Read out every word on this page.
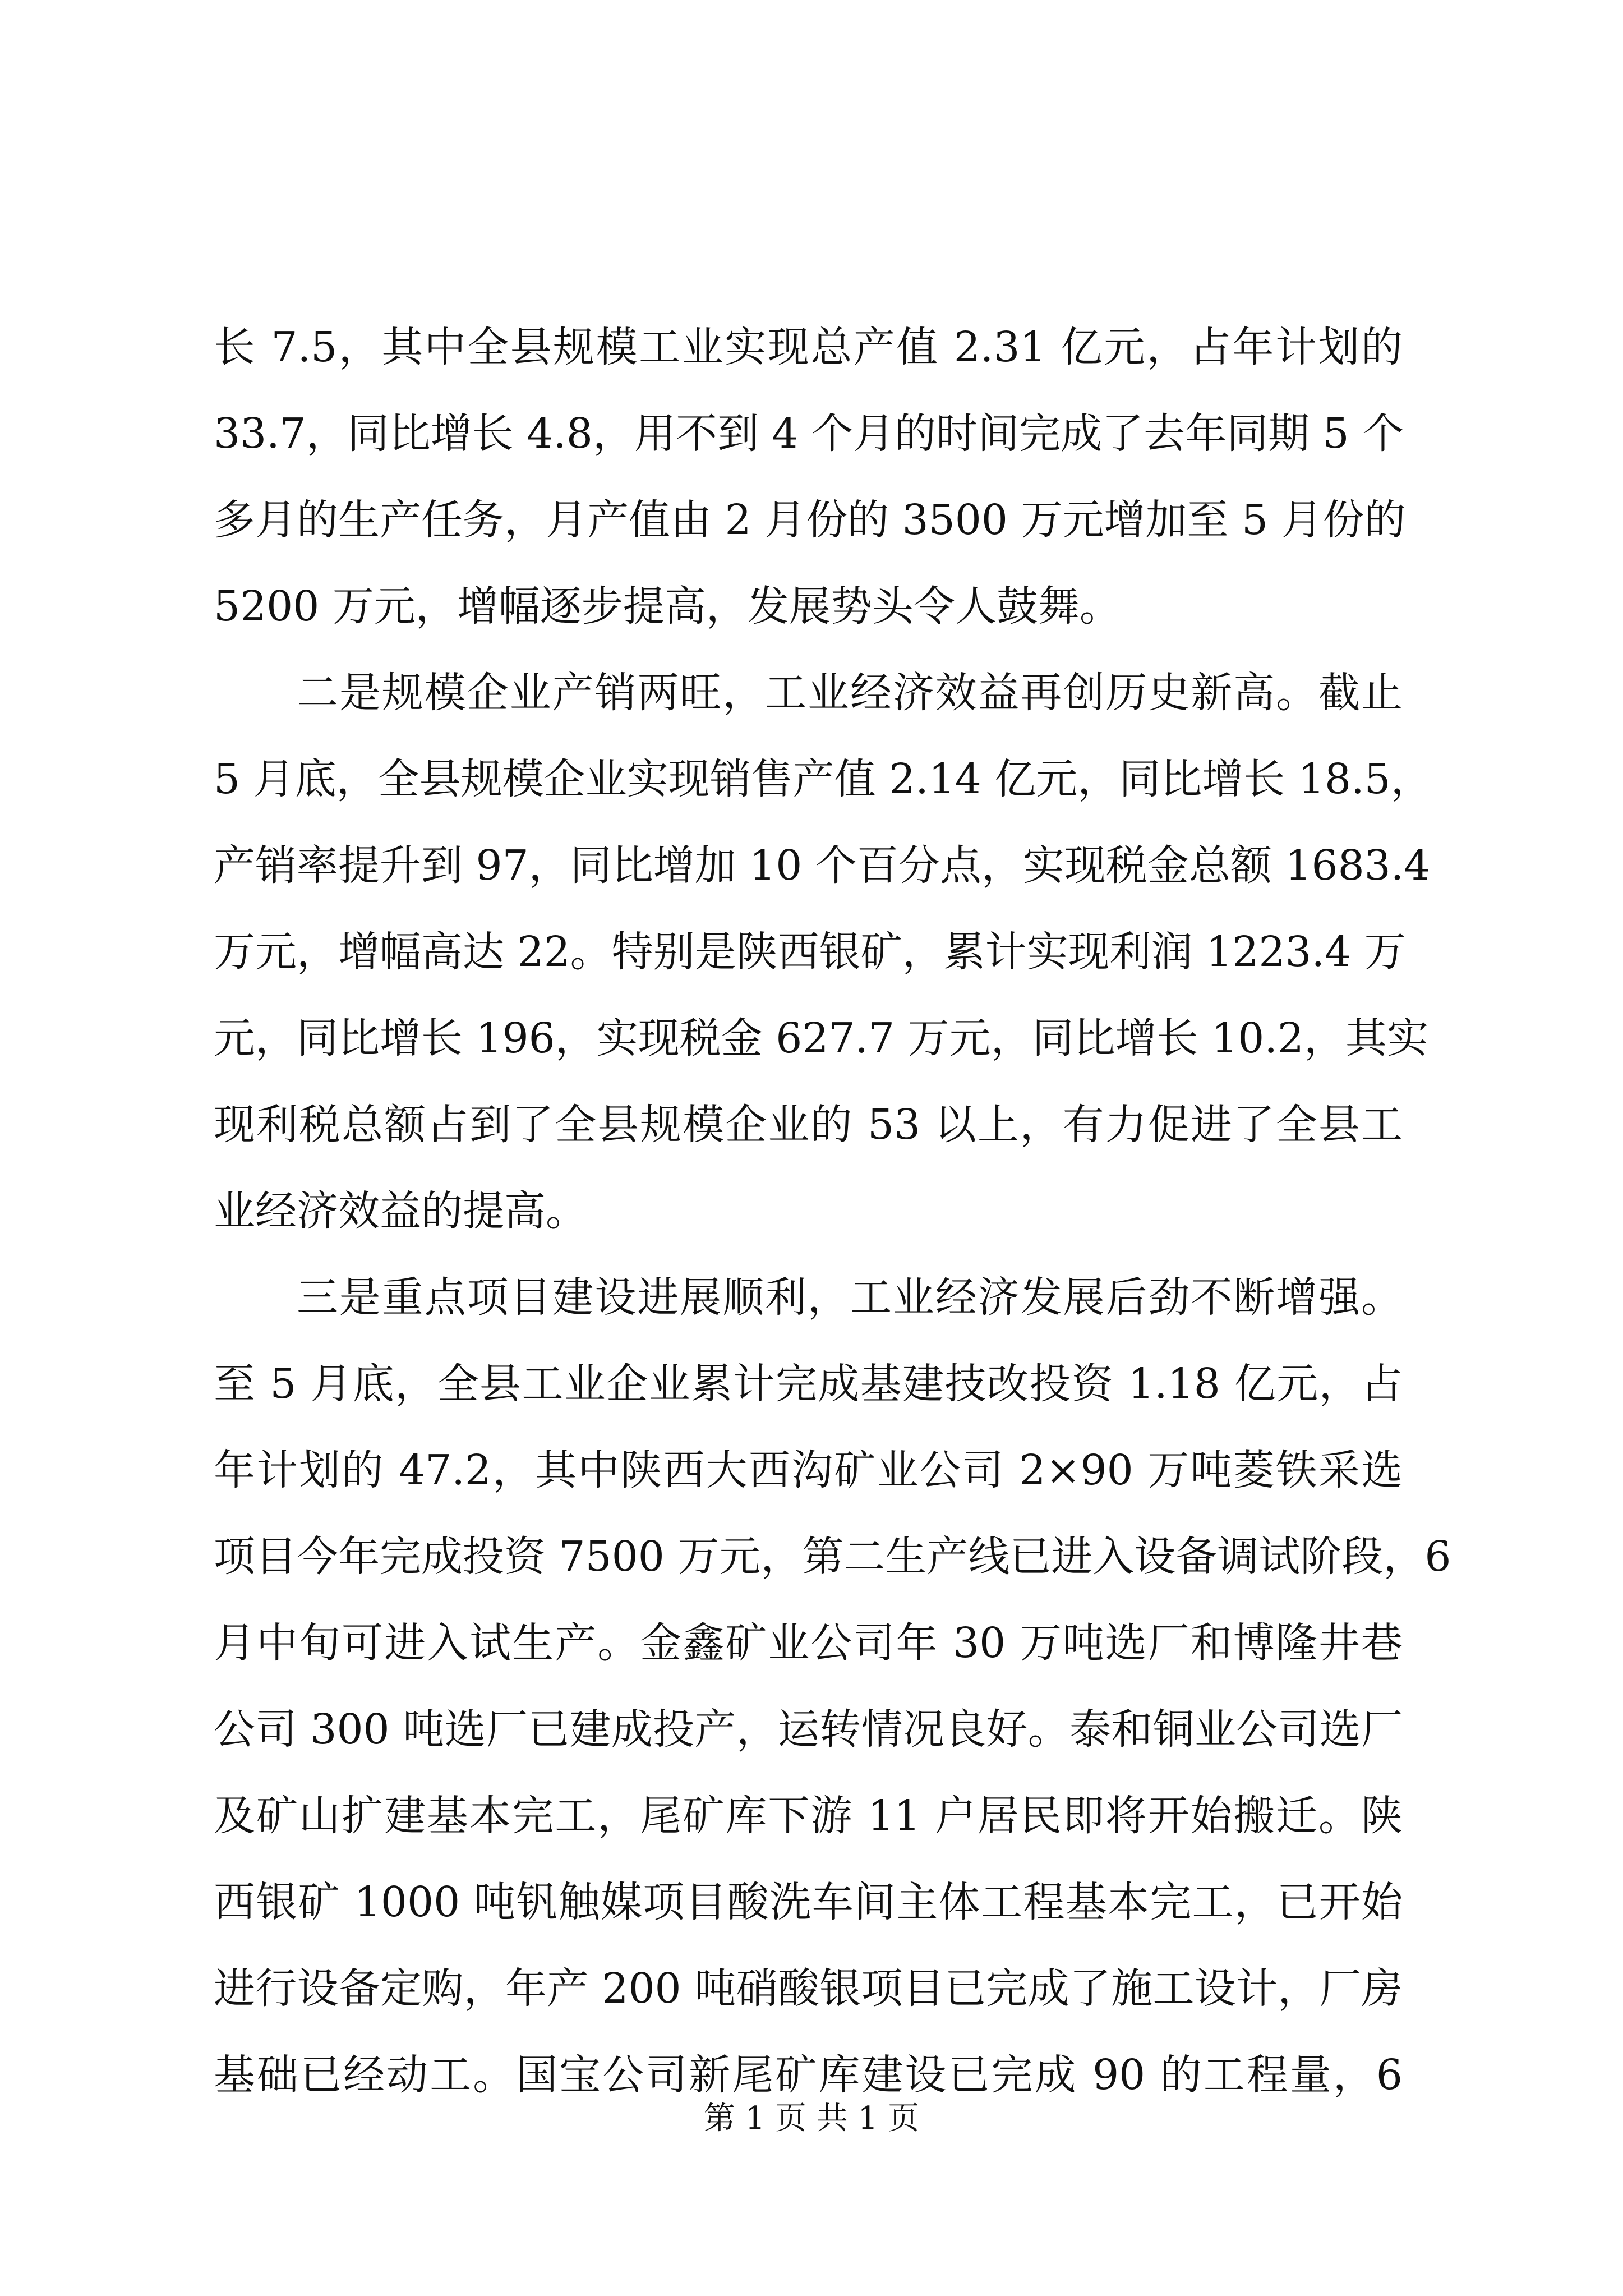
长 7.5，其中全县规模工业实现总产值 2.31 亿元，占年计划的
33.7，同比增长 4.8，用不到 4 个月的时间完成了去年同期 5 个
多月的生产任务，月产值由 2 月份的 3500 万元增加至 5 月份的
5200 万元，增幅逐步提高，发展势头令人鼓舞。
二是规模企业产销两旺，工业经济效益再创历史新高。截止
5 月底，全县规模企业实现销售产值 2.14 亿元，同比增长 18.5，
产销率提升到 97，同比增加 10 个百分点，实现税金总额 1683.4
万元，增幅高达 22。特别是陕西银矿，累计实现利润 1223.4 万
元，同比增长 196，实现税金 627.7 万元，同比增长 10.2，其实
现利税总额占到了全县规模企业的 53 以上，有力促进了全县工
业经济效益的提高。
三是重点项目建设进展顺利，工业经济发展后劲不断增强。
至 5 月底，全县工业企业累计完成基建技改投资 1.18 亿元，占
年计划的 47.2，其中陕西大西沟矿业公司 2×90 万吨菱铁采选
项目今年完成投资 7500 万元，第二生产线已进入设备调试阶段，6
月中旬可进入试生产。金鑫矿业公司年 30 万吨选厂和博隆井巷
公司 300 吨选厂已建成投产，运转情况良好。泰和铜业公司选厂
及矿山扩建基本完工，尾矿库下游 11 户居民即将开始搬迁。陕
西银矿 1000 吨钒触媒项目酸洗车间主体工程基本完工，已开始
进行设备定购，年产 200 吨硝酸银项目已完成了施工设计，厂房
基础已经动工。国宝公司新尾矿库建设已完成 90 的工程量，6
第 1 页 共 1 页
